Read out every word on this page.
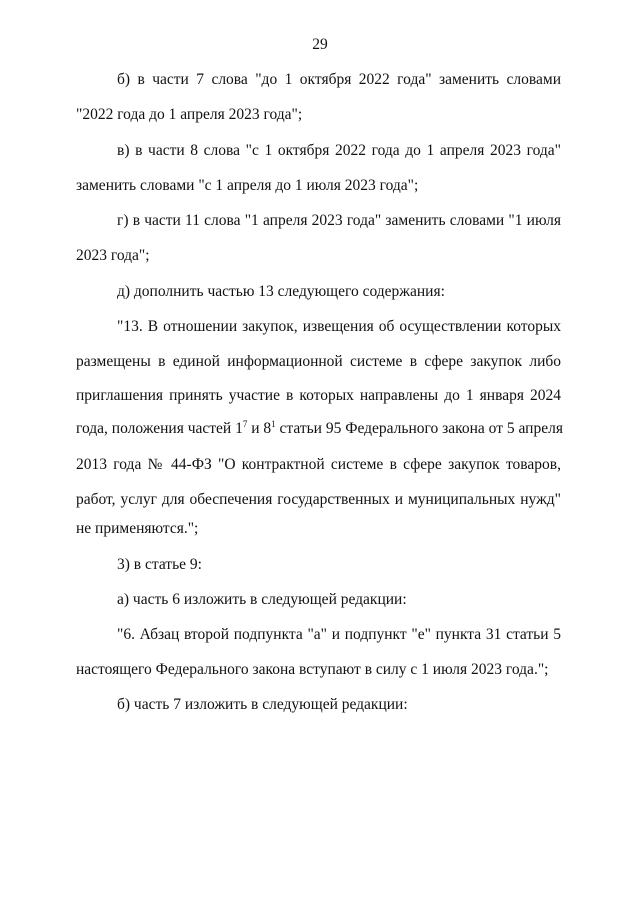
29
б) в части 7 слова "до 1 октября 2022 года" заменить словами
"2022 года до 1 апреля 2023 года";
в) в части 8 слова "с 1 октября 2022 года до 1 апреля 2023 года"
заменить словами "с 1 апреля до 1 июля 2023 года";
г) в части 11 слова "1 апреля 2023 года" заменить словами "1 июля
2023 года";
д) дополнить частью 13 следующего содержания:
"13. В отношении закупок, извещения об осуществлении которых
размещены в единой информационной системе в сфере закупок либо
приглашения принять участие в которых направлены до 1 января 2024
года, положения частей $1^7$ и $8^1$ статьи 95 Федерального закона от 5 апреля
2013 года № 44-ФЗ "О контрактной системе в сфере закупок товаров,
работ, услуг для обеспечения государственных и муниципальных нужд"
не применяются.";
3) в статье 9:
а) часть 6 изложить в следующей редакции:
"6. Абзац второй подпункта "а" и подпункт "е" пункта 31 статьи 5
настоящего Федерального закона вступают в силу с 1 июля 2023 года.";
б) часть 7 изложить в следующей редакции:
